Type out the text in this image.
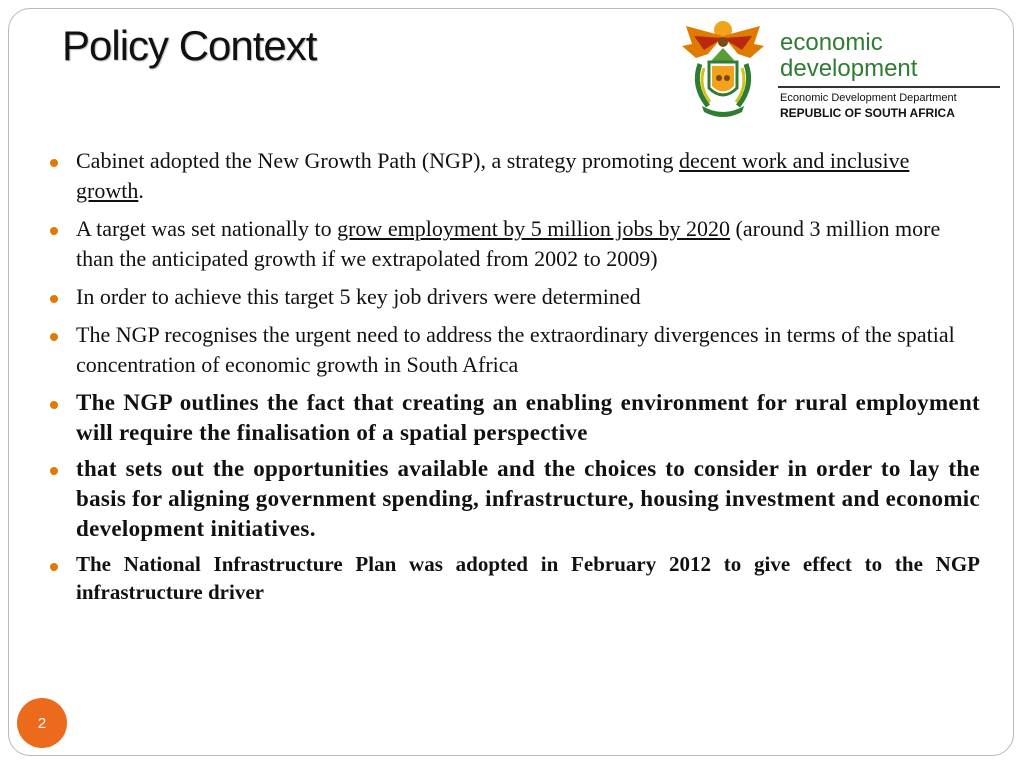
Policy Context	economic
development
Economic Development Department
REPUBLIC OF SOUTH AFRICA
Cabinet adopted the New Growth Path (NGP), a strategy promoting decent work and inclusive growth.
A target was set nationally to grow employment by 5 million jobs by 2020 (around 3 million more than the anticipated growth if we extrapolated from 2002 to 2009)
In order to achieve this target 5 key job drivers were determined
The NGP recognises the urgent need to address the extraordinary divergences in terms of the spatial concentration of economic growth in South Africa
The NGP outlines the fact that creating an enabling environment for rural employment will require the finalisation of a spatial perspective
that sets out the opportunities available and the choices to consider in order to lay the basis for aligning government spending, infrastructure, housing investment and economic development initiatives.
The National Infrastructure Plan was adopted in February 2012 to give effect to the NGP infrastructure driver
2
